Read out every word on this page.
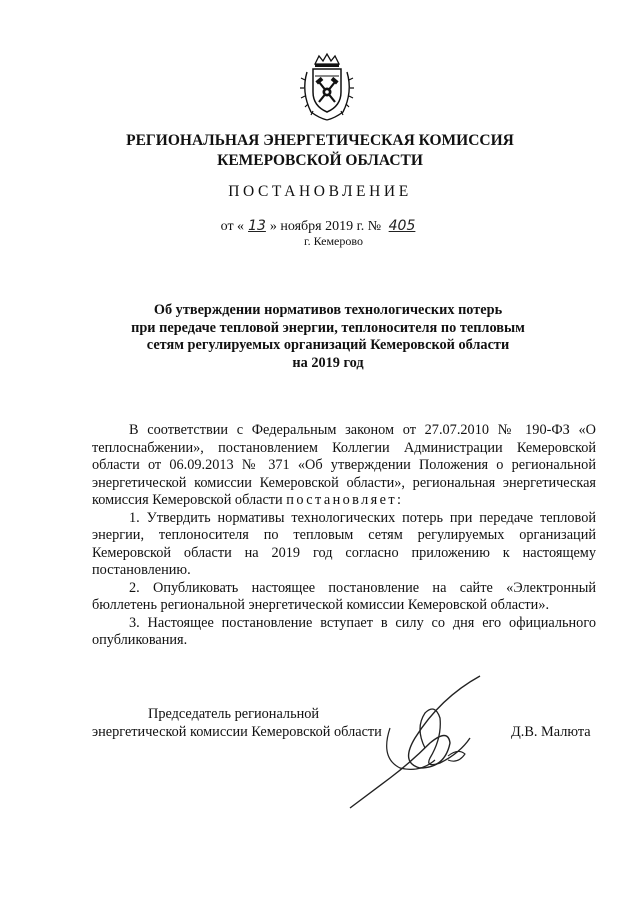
РЕГИОНАЛЬНАЯ ЭНЕРГЕТИЧЕСКАЯ КОМИССИЯ
КЕМЕРОВСКОЙ ОБЛАСТИ
ПОСТАНОВЛЕНИЕ
от « 13 » ноября 2019 г. № 405
г. Кемерово
Об утверждении нормативов технологических потерь
при передаче тепловой энергии, теплоносителя по тепловым
сетям регулируемых организаций Кемеровской области
на 2019 год

В соответствии с Федеральным законом от 27.07.2010 № 190-ФЗ «О теплоснабжении», постановлением Коллегии Администрации Кемеровской области от 06.09.2013 № 371 «Об утверждении Положения о региональной энергетической комиссии Кемеровской области», региональная энергетическая комиссия Кемеровской области постановляет:

1. Утвердить нормативы технологических потерь при передаче тепловой энергии, теплоносителя по тепловым сетям регулируемых организаций Кемеровской области на 2019 год согласно приложению к настоящему постановлению.

2. Опубликовать настоящее постановление на сайте «Электронный бюллетень региональной энергетической комиссии Кемеровской области».

3. Настоящее постановление вступает в силу со дня его официального опубликования.

Председатель региональной
энергетической комиссии Кемеровской области	Д.В. Малюта
